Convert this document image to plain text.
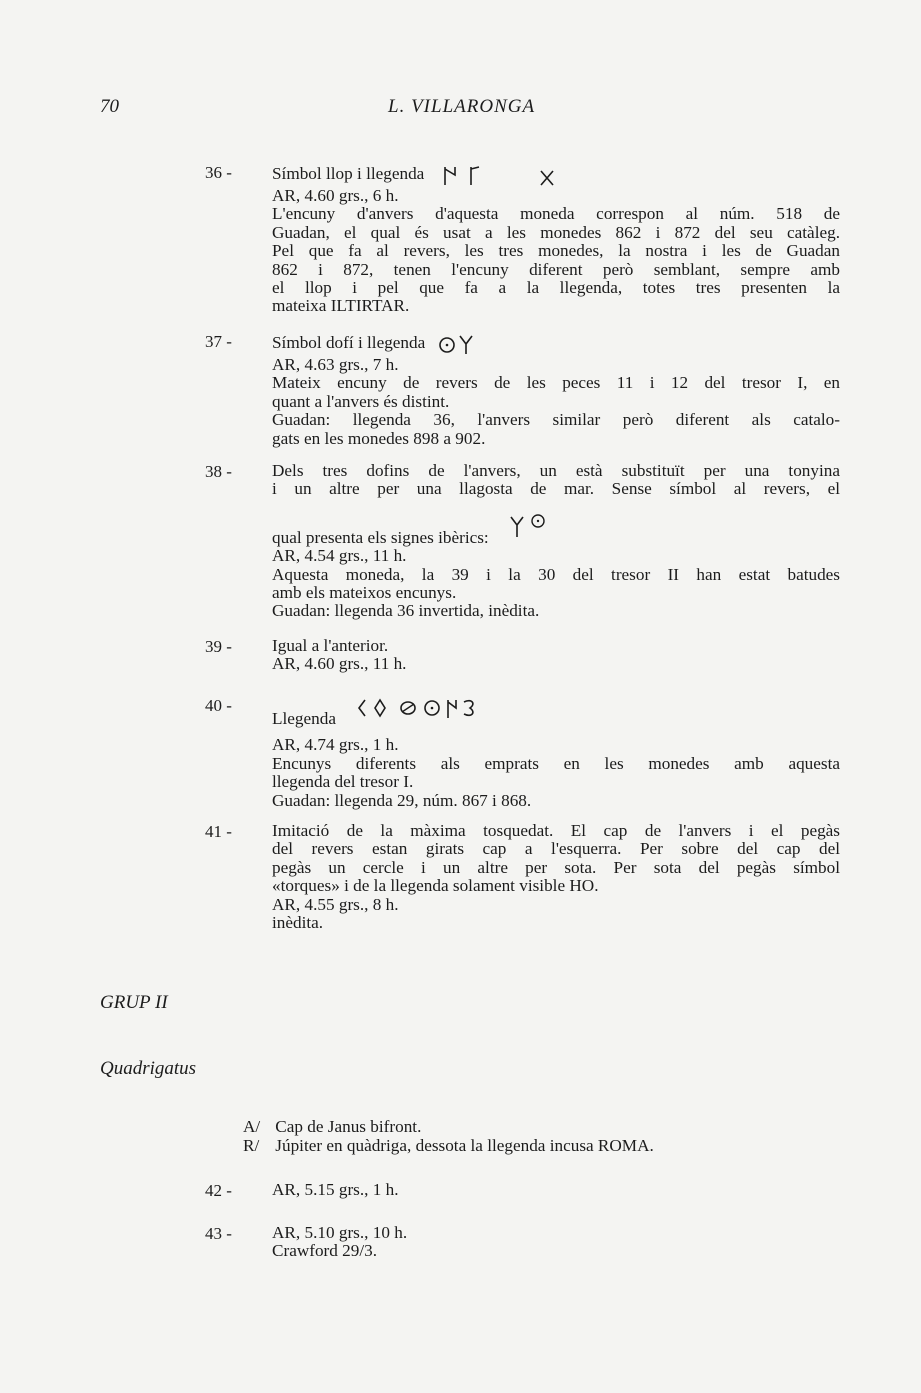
70	L. VILLARONGA
36 - Símbol llop i llegenda
AR, 4.60 grs., 6 h.
L'encuny d'anvers d'aquesta moneda correspon al núm. 518 de
Guadan, el qual és usat a les monedes 862 i 872 del seu catàleg.
Pel que fa al revers, les tres monedes, la nostra i les de Guadan
862 i 872, tenen l'encuny diferent però semblant, sempre amb
el llop i pel que fa a la llegenda, totes tres presenten la
mateixa ILTIRTAR.
37 - Símbol dofí i llegenda
AR, 4.63 grs., 7 h.
Mateix encuny de revers de les peces 11 i 12 del tresor I, en
quant a l'anvers és distint.
Guadan: llegenda 36, l'anvers similar però diferent als catalo-
gats en les monedes 898 a 902.
38 - Dels tres dofins de l'anvers, un està substituït per una tonyina
i un altre per una llagosta de mar. Sense símbol al revers, el
qual presenta els signes ibèrics:
AR, 4.54 grs., 11 h.
Aquesta moneda, la 39 i la 30 del tresor II han estat batudes
amb els mateixos encunys.
Guadan: llegenda 36 invertida, inèdita.
39 - Igual a l'anterior.
AR, 4.60 grs., 11 h.
40 -
Llegenda
AR, 4.74 grs., 1 h.
Encunys diferents als emprats en les monedes amb aquesta
llegenda del tresor I.
Guadan: llegenda 29, núm. 867 i 868.
41 - Imitació de la màxima tosquedat. El cap de l'anvers i el pegàs
del revers estan girats cap a l'esquerra. Per sobre del cap del
pegàs un cercle i un altre per sota. Per sota del pegàs símbol
«torques» i de la llegenda solament visible HO.
AR, 4.55 grs., 8 h.
inèdita.
GRUP II
Quadrigatus
A/ Cap de Janus bifront.
R/ Júpiter en quàdriga, dessota la llegenda incusa ROMA.
42 - AR, 5.15 grs., 1 h.
43 - AR, 5.10 grs., 10 h.
Crawford 29/3.
